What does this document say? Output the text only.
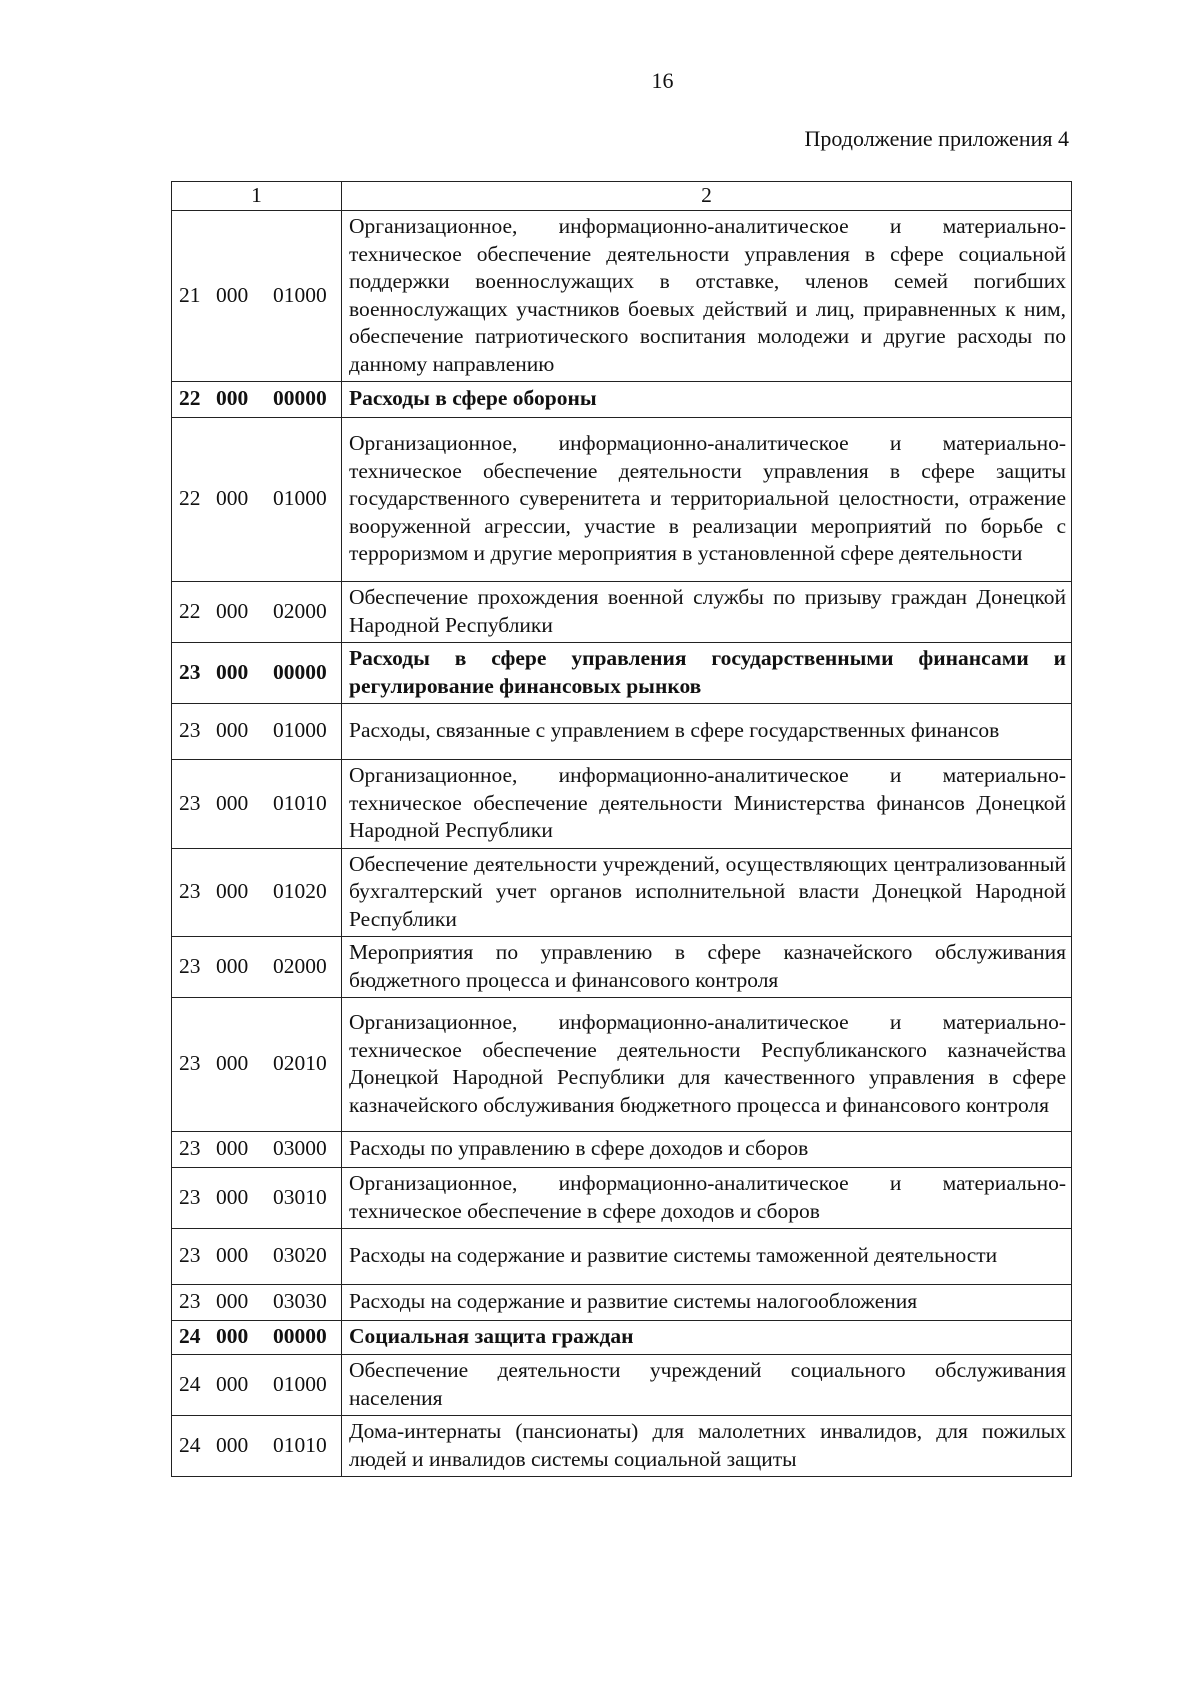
16
Продолжение приложения 4
1	2
21 000 01000	Организационное, информационно-аналитическое и материально-техническое обеспечение деятельности управления в сфере социальной поддержки военнослужащих в отставке, членов семей погибших военнослужащих участников боевых действий и лиц, приравненных к ним, обеспечение патриотического воспитания молодежи и другие расходы по данному направлению
22 000 00000	Расходы в сфере обороны
22 000 01000	Организационное, информационно-аналитическое и материально-техническое обеспечение деятельности управления в сфере защиты государственного суверенитета и территориальной целостности, отражение вооруженной агрессии, участие в реализации мероприятий по борьбе с терроризмом и другие мероприятия в установленной сфере деятельности
22 000 02000	Обеспечение прохождения военной службы по призыву граждан Донецкой Народной Республики
23 000 00000	Расходы в сфере управления государственными финансами и регулирование финансовых рынков
23 000 01000	Расходы, связанные с управлением в сфере государственных финансов
23 000 01010	Организационное, информационно-аналитическое и материально-техническое обеспечение деятельности Министерства финансов Донецкой Народной Республики
23 000 01020	Обеспечение деятельности учреждений, осуществляющих централизованный бухгалтерский учет органов исполнительной власти Донецкой Народной Республики
23 000 02000	Мероприятия по управлению в сфере казначейского обслуживания бюджетного процесса и финансового контроля
23 000 02010	Организационное, информационно-аналитическое и материально-техническое обеспечение деятельности Республиканского казначейства Донецкой Народной Республики для качественного управления в сфере казначейского обслуживания бюджетного процесса и финансового контроля
23 000 03000	Расходы по управлению в сфере доходов и сборов
23 000 03010	Организационное, информационно-аналитическое и материально-техническое обеспечение в сфере доходов и сборов
23 000 03020	Расходы на содержание и развитие системы таможенной деятельности
23 000 03030	Расходы на содержание и развитие системы налогообложения
24 000 00000	Социальная защита граждан
24 000 01000	Обеспечение деятельности учреждений социального обслуживания населения
24 000 01010	Дома-интернаты (пансионаты) для малолетних инвалидов, для пожилых людей и инвалидов системы социальной защиты
